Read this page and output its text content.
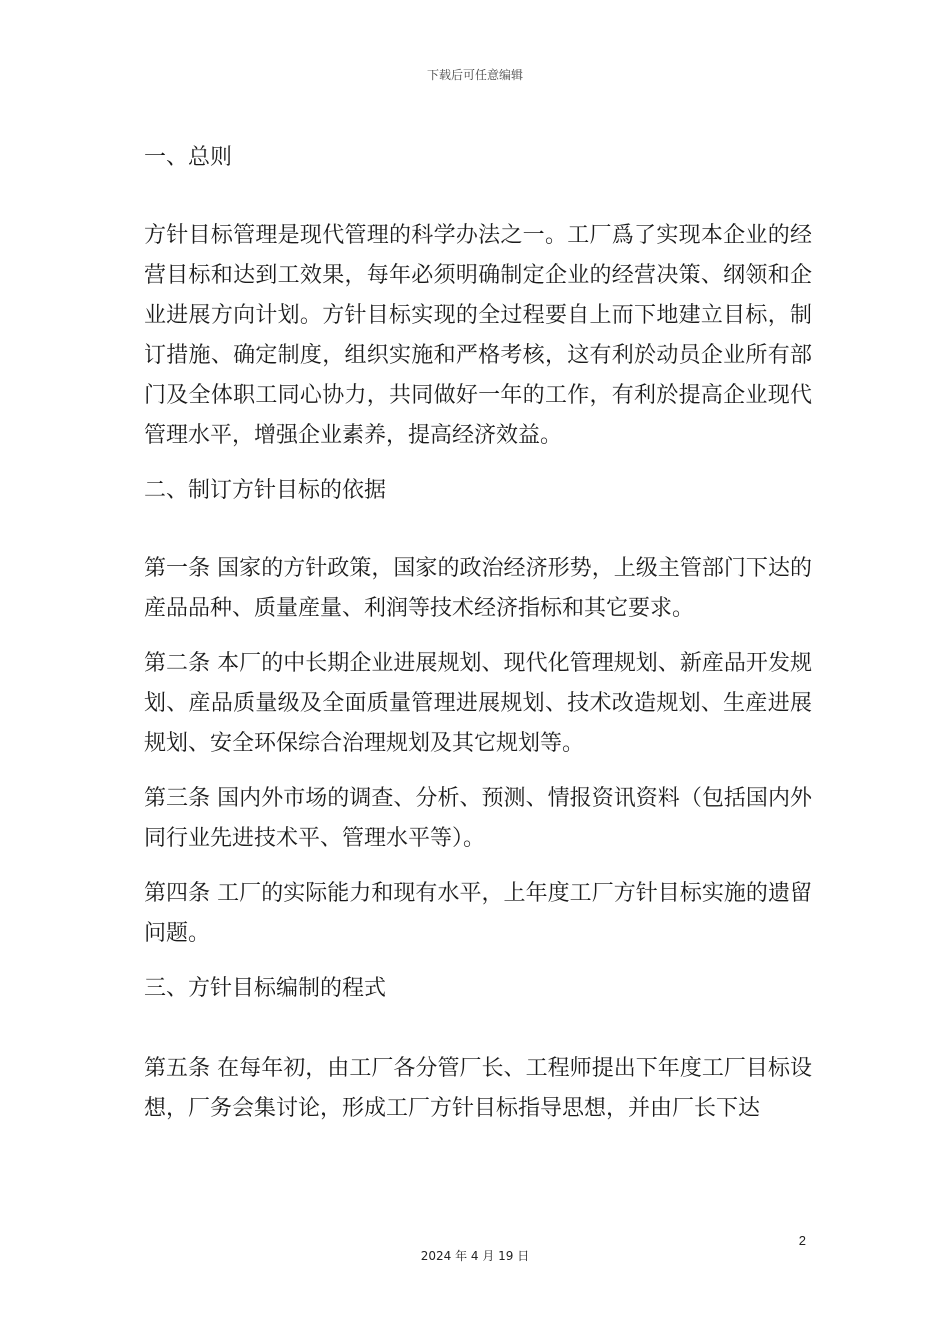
下载后可任意编辑

一、总则

方针目标管理是现代管理的科学办法之一。工厂爲了实现本企业的经营目标和达到工效果，每年必须明确制定企业的经营决策、纲领和企业进展方向计划。方针目标实现的全过程要自上而下地建立目标，制订措施、确定制度，组织实施和严格考核，这有利於动员企业所有部门及全体职工同心协力，共同做好一年的工作，有利於提高企业现代管理水平，增强企业素养，提高经济效益。

二、制订方针目标的依据

第一条 国家的方针政策，国家的政治经济形势，上级主管部门下达的産品品种、质量産量、利润等技术经济指标和其它要求。

第二条 本厂的中长期企业进展规划、现代化管理规划、新産品开发规划、産品质量级及全面质量管理进展规划、技术改造规划、生産进展规划、安全环保综合治理规划及其它规划等。

第三条 国内外市场的调查、分析、预测、情报资讯资料（包括国内外同行业先进技术平、管理水平等）。

第四条 工厂的实际能力和现有水平，上年度工厂方针目标实施的遗留问题。

三、方针目标编制的程式

第五条 在每年初，由工厂各分管厂长、工程师提出下年度工厂目标设想，厂务会集讨论，形成工厂方针目标指导思想，并由厂长下达

2
2024 年 4 月 19 日
